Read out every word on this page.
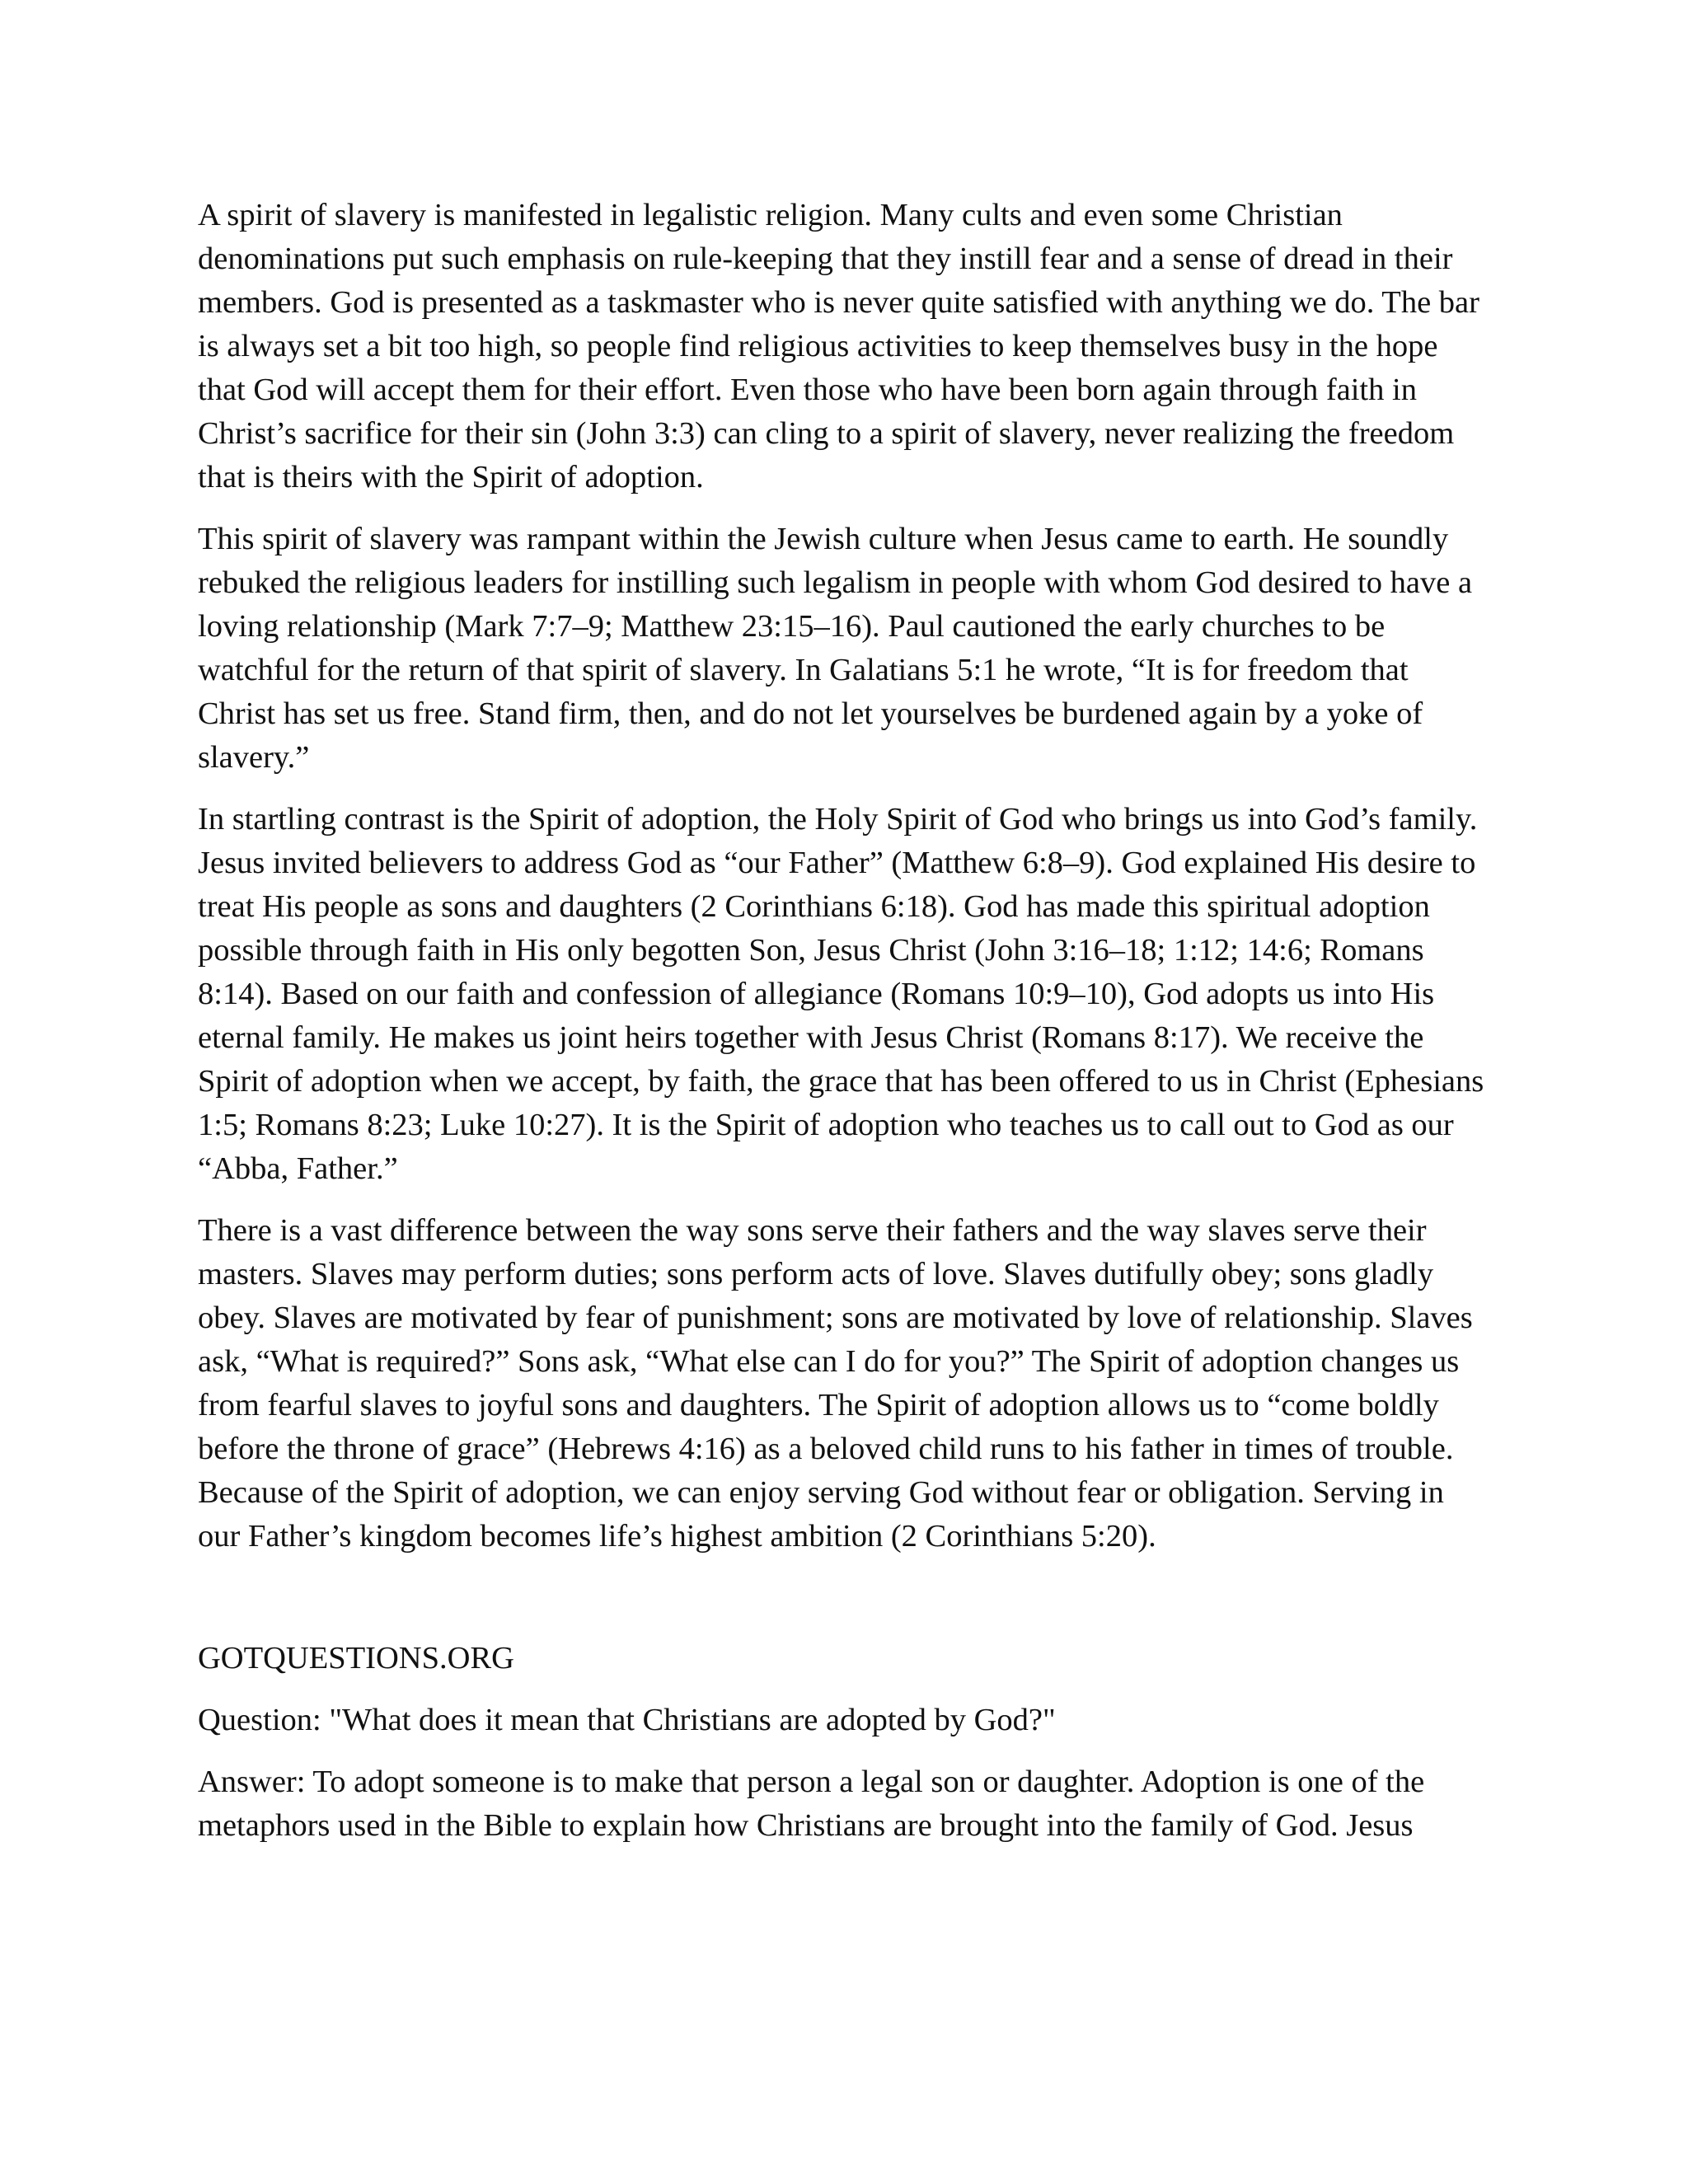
A spirit of slavery is manifested in legalistic religion. Many cults and even some Christian denominations put such emphasis on rule-keeping that they instill fear and a sense of dread in their members. God is presented as a taskmaster who is never quite satisfied with anything we do. The bar is always set a bit too high, so people find religious activities to keep themselves busy in the hope that God will accept them for their effort. Even those who have been born again through faith in Christ’s sacrifice for their sin (John 3:3) can cling to a spirit of slavery, never realizing the freedom that is theirs with the Spirit of adoption.

This spirit of slavery was rampant within the Jewish culture when Jesus came to earth. He soundly rebuked the religious leaders for instilling such legalism in people with whom God desired to have a loving relationship (Mark 7:7–9; Matthew 23:15–16). Paul cautioned the early churches to be watchful for the return of that spirit of slavery. In Galatians 5:1 he wrote, “It is for freedom that Christ has set us free. Stand firm, then, and do not let yourselves be burdened again by a yoke of slavery.”

In startling contrast is the Spirit of adoption, the Holy Spirit of God who brings us into God’s family. Jesus invited believers to address God as “our Father” (Matthew 6:8–9). God explained His desire to treat His people as sons and daughters (2 Corinthians 6:18). God has made this spiritual adoption possible through faith in His only begotten Son, Jesus Christ (John 3:16–18; 1:12; 14:6; Romans 8:14). Based on our faith and confession of allegiance (Romans 10:9–10), God adopts us into His eternal family. He makes us joint heirs together with Jesus Christ (Romans 8:17). We receive the Spirit of adoption when we accept, by faith, the grace that has been offered to us in Christ (Ephesians 1:5; Romans 8:23; Luke 10:27). It is the Spirit of adoption who teaches us to call out to God as our “Abba, Father.”

There is a vast difference between the way sons serve their fathers and the way slaves serve their masters. Slaves may perform duties; sons perform acts of love. Slaves dutifully obey; sons gladly obey. Slaves are motivated by fear of punishment; sons are motivated by love of relationship. Slaves ask, “What is required?” Sons ask, “What else can I do for you?” The Spirit of adoption changes us from fearful slaves to joyful sons and daughters. The Spirit of adoption allows us to “come boldly before the throne of grace” (Hebrews 4:16) as a beloved child runs to his father in times of trouble. Because of the Spirit of adoption, we can enjoy serving God without fear or obligation. Serving in our Father’s kingdom becomes life’s highest ambition (2 Corinthians 5:20).

GOTQUESTIONS.ORG

Question: "What does it mean that Christians are adopted by God?"

Answer: To adopt someone is to make that person a legal son or daughter. Adoption is one of the metaphors used in the Bible to explain how Christians are brought into the family of God. Jesus
